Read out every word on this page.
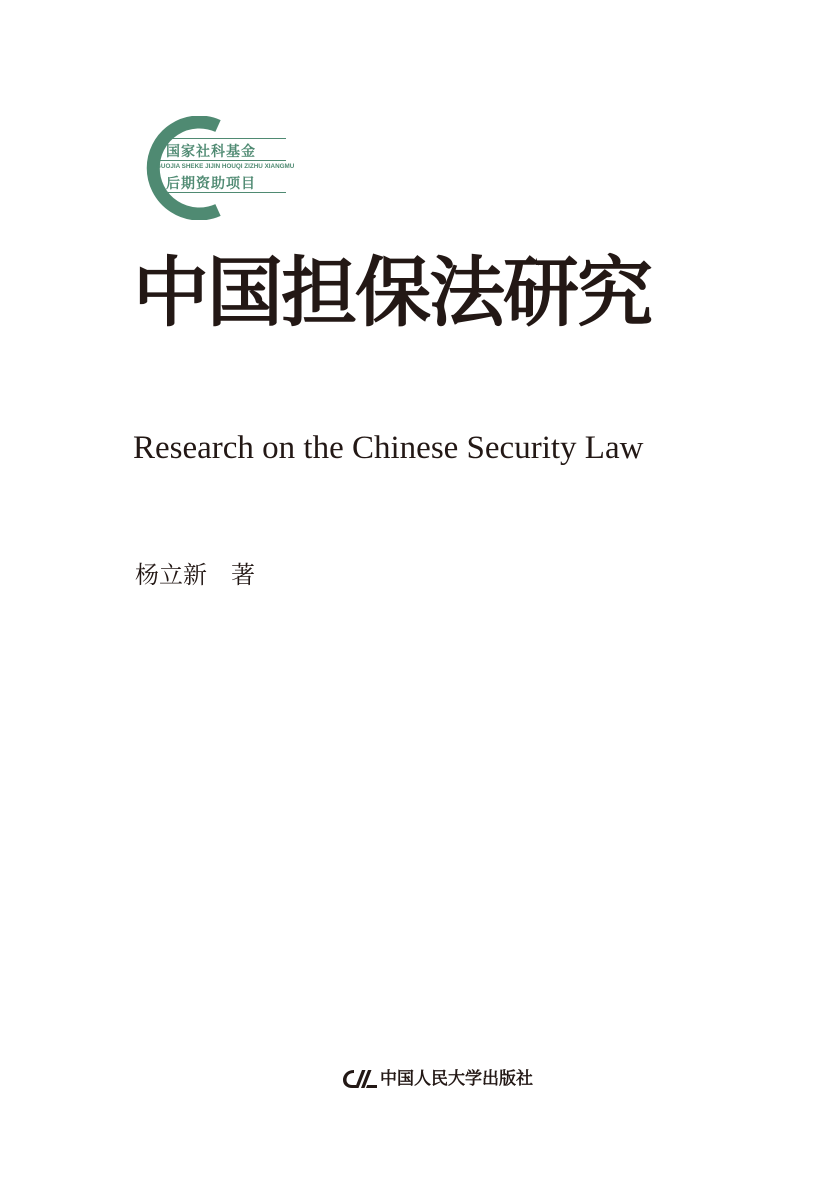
国家社科基金
GUOJIA SHEKE JIJIN HOUQI ZIZHU XIANGMU
后期资助项目
中国担保法研究
Research on the Chinese Security Law
杨立新 著
中国人民大学出版社
